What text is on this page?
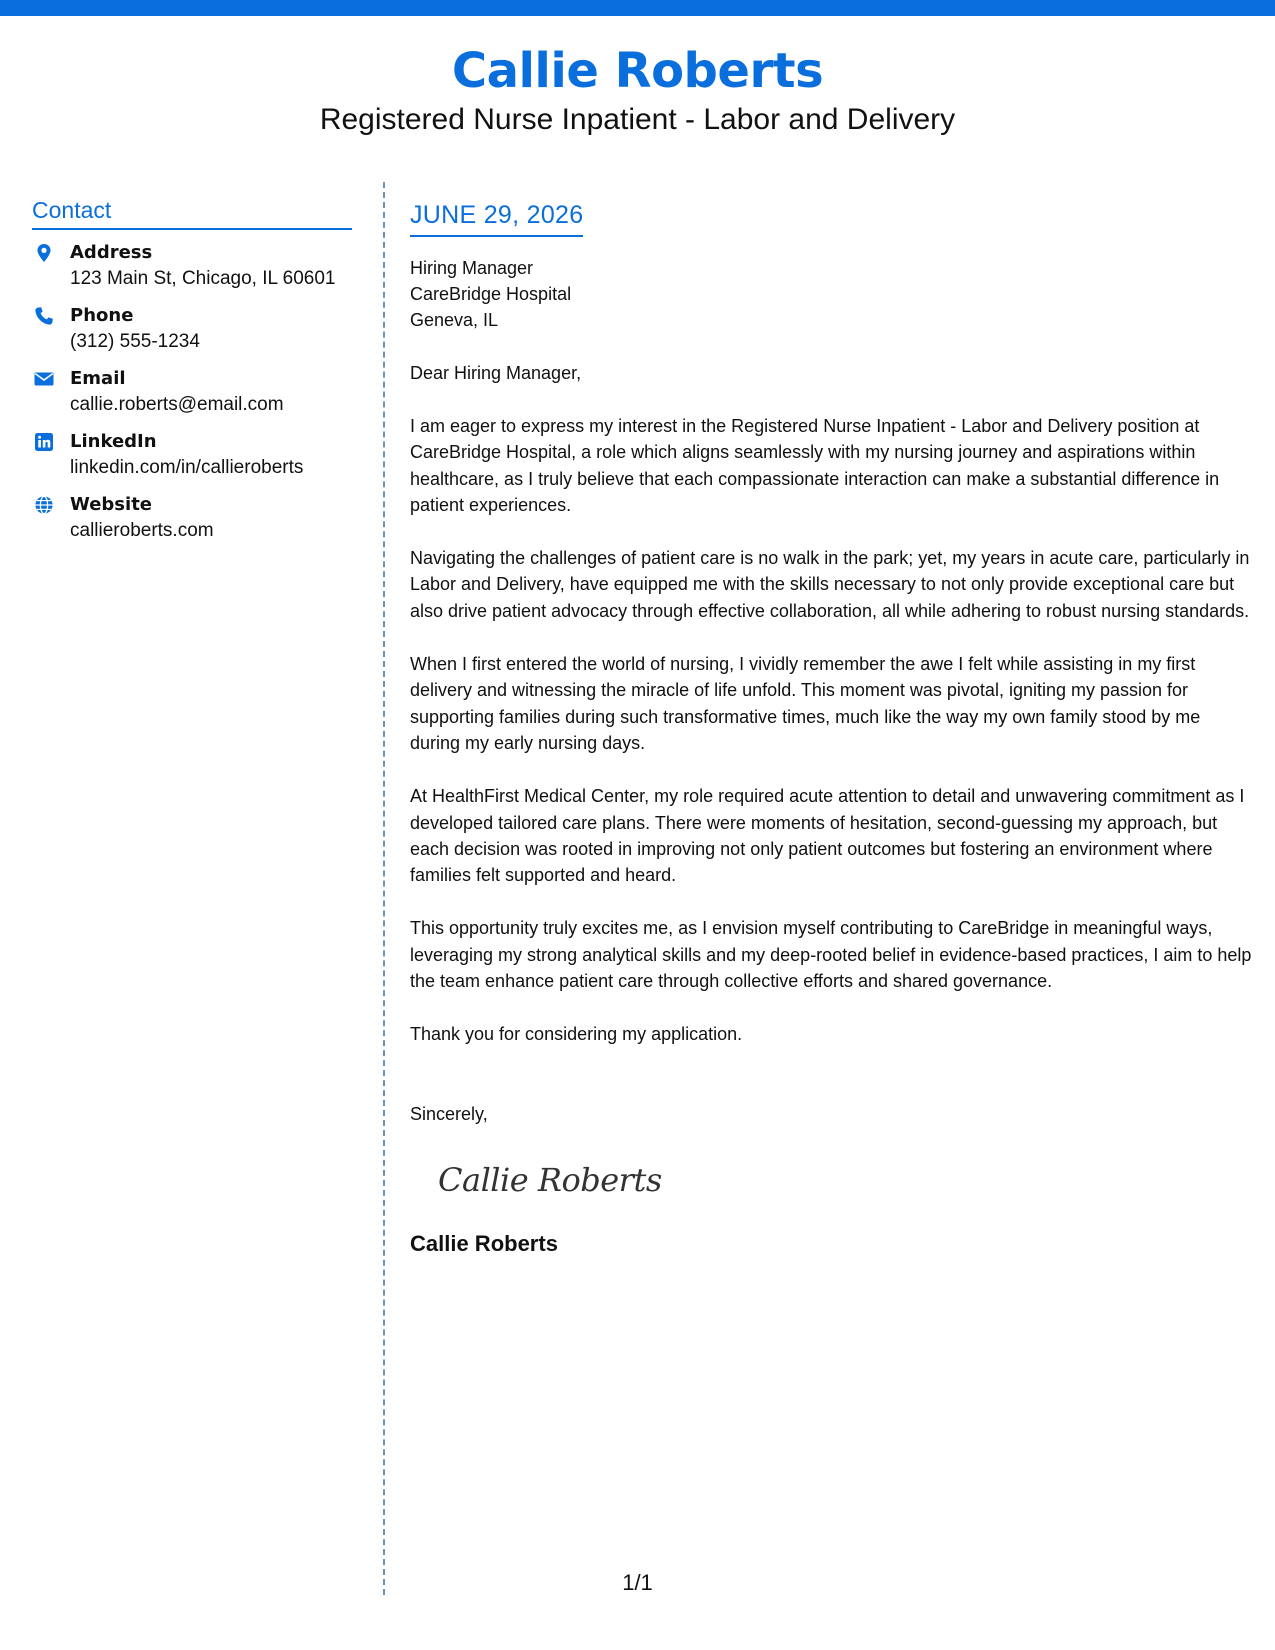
Callie Roberts
Registered Nurse Inpatient - Labor and Delivery
Contact
Address
123 Main St, Chicago, IL 60601
Phone
(312) 555-1234
Email
callie.roberts@email.com
LinkedIn
linkedin.com/in/callieroberts
Website
callieroberts.com
JUNE 29, 2026
Hiring Manager
CareBridge Hospital
Geneva, IL
Dear Hiring Manager,
I am eager to express my interest in the Registered Nurse Inpatient - Labor and Delivery position at CareBridge Hospital, a role which aligns seamlessly with my nursing journey and aspirations within healthcare, as I truly believe that each compassionate interaction can make a substantial difference in patient experiences.
Navigating the challenges of patient care is no walk in the park; yet, my years in acute care, particularly in Labor and Delivery, have equipped me with the skills necessary to not only provide exceptional care but also drive patient advocacy through effective collaboration, all while adhering to robust nursing standards.
When I first entered the world of nursing, I vividly remember the awe I felt while assisting in my first delivery and witnessing the miracle of life unfold. This moment was pivotal, igniting my passion for supporting families during such transformative times, much like the way my own family stood by me during my early nursing days.
At HealthFirst Medical Center, my role required acute attention to detail and unwavering commitment as I developed tailored care plans. There were moments of hesitation, second-guessing my approach, but each decision was rooted in improving not only patient outcomes but fostering an environment where families felt supported and heard.
This opportunity truly excites me, as I envision myself contributing to CareBridge in meaningful ways, leveraging my strong analytical skills and my deep-rooted belief in evidence-based practices, I aim to help the team enhance patient care through collective efforts and shared governance.
Thank you for considering my application.
Sincerely,
Callie Roberts
Callie Roberts
1/1
